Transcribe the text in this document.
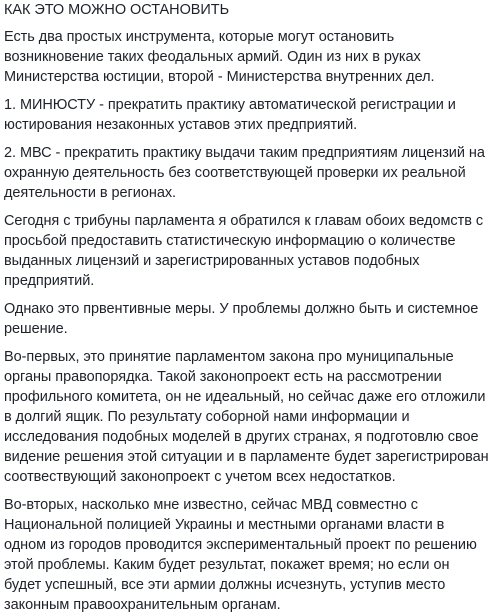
КАК ЭТО МОЖНО ОСТАНОВИТЬ

Есть два простых инструмента, которые могут остановить возникновение таких феодальных армий. Один из них в руках Министерства юстиции, второй - Министерства внутренних дел.

1. МИНЮСТУ - прекратить практику автоматической регистрации и юстирования незаконных уставов этих предприятий.

2. МВС - прекратить практику выдачи таким предприятиям лицензий на охранную деятельность без соответствующей проверки их реальной деятельности в регионах.

Сегодня с трибуны парламента я обратился к главам обоих ведомств с просьбой предоставить статистическую информацию о количестве выданных лицензий и зарегистрированных уставов подобных предприятий.

Однако это првентивные меры. У проблемы должно быть и системное решение.

Во-первых, это принятие парламентом закона про муниципальные органы правопорядка. Такой законопроект есть на рассмотрении профильного комитета, он не идеальный, но сейчас даже его отложили в долгий ящик. По результату соборной нами информации и исследования подобных моделей в других странах, я подготовлю свое видение решения этой ситуации и в парламенте будет зарегистрирован соотвествующий законопроект с учетом всех недостатков.

Во-вторых, насколько мне известно, сейчас МВД совместно с Национальной полицией Украины и местными органами власти в одном из городов проводится экспериментальный проект по решению этой проблемы. Каким будет результат, покажет время; но если он будет успешный, все эти армии должны исчезнуть, уступив место законным правоохранительным органам.
